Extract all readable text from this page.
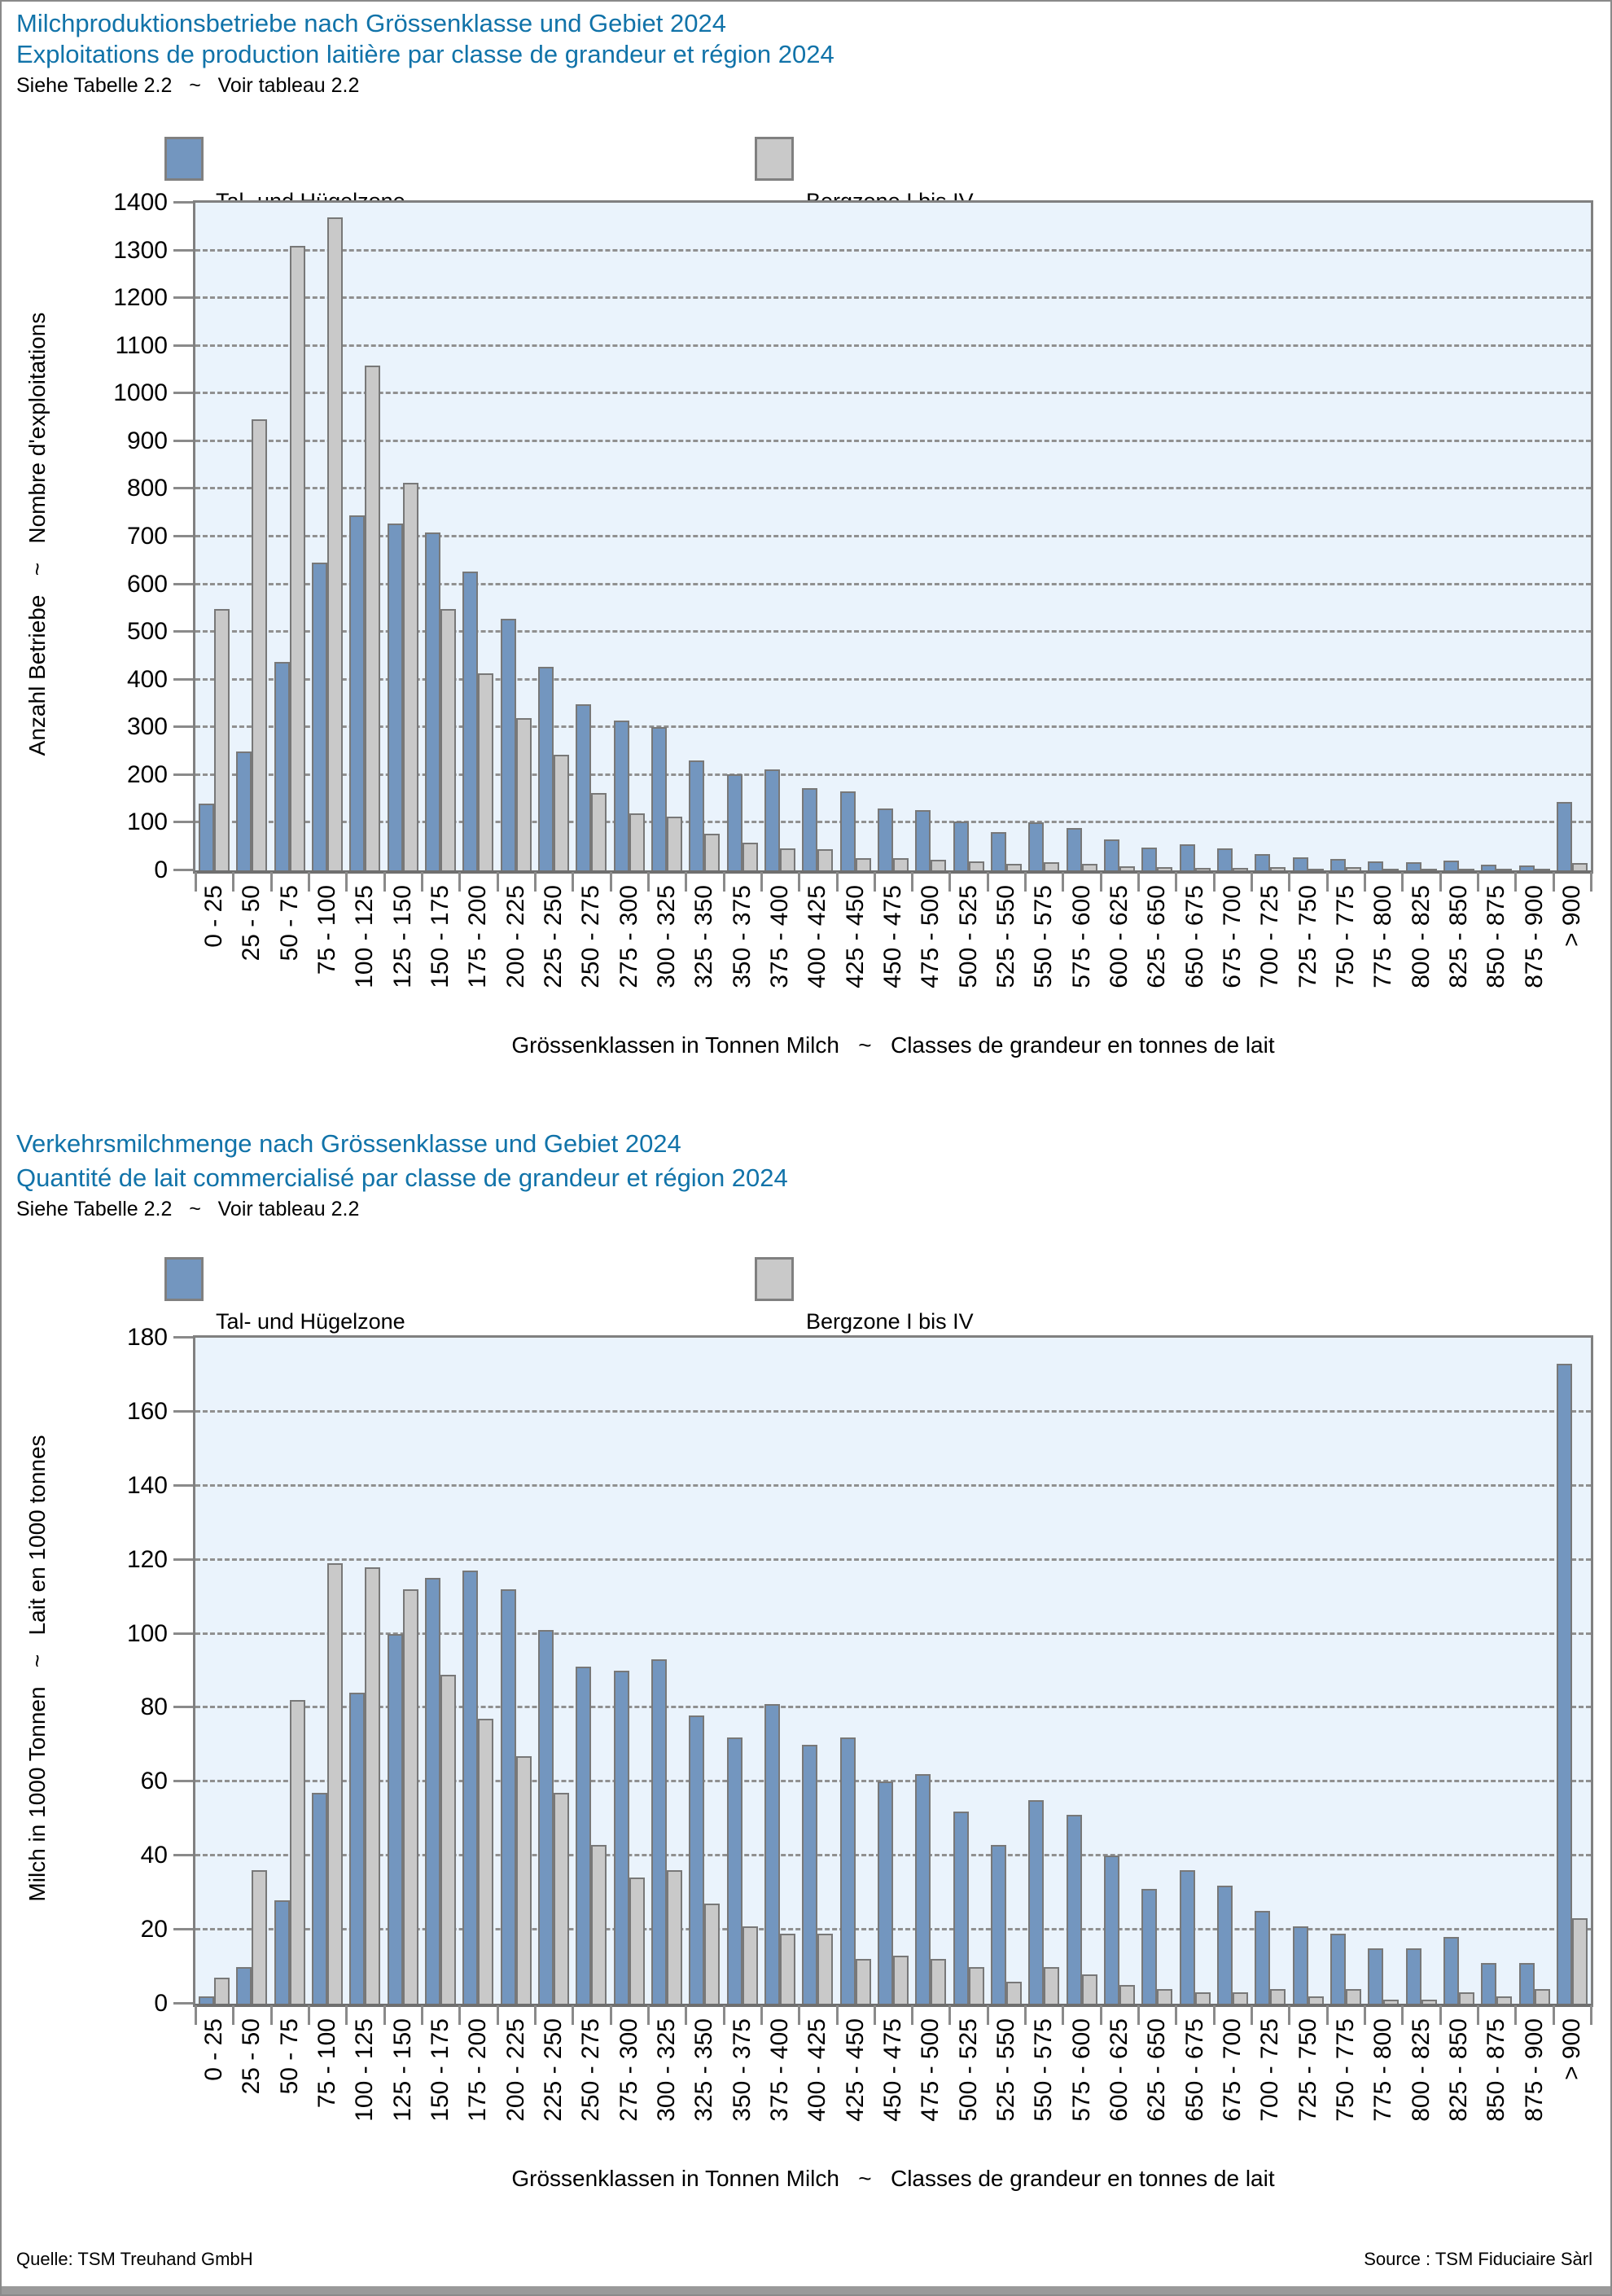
Milchproduktionsbetriebe nach Grössenklasse und Gebiet 2024
Exploitations de production laitière par classe de grandeur et région 2024
Siehe Tabelle 2.2   ~   Voir tableau 2.2

Anzahl Betriebe   ~   Nombre d'exploitations
0
100
200
300
400
500
600
700
800
900
1000
1100
1200
1300
1400
0 - 25 25 - 50 50 - 75 75 - 100 100 - 125 125 - 150 150 - 175 175 - 200 200 - 225 225 - 250 250 - 275 275 - 300 300 - 325 325 - 350 350 - 375 375 - 400 400 - 425 425 - 450 450 - 475 475 - 500 500 - 525 525 - 550 550 - 575 575 - 600 600 - 625 625 - 650 650 - 675 675 - 700 700 - 725 725 - 750 750 - 775 775 - 800 800 - 825 825 - 850 850 - 875 875 - 900 > 900
Grössenklassen in Tonnen Milch   ~   Classes de grandeur en tonnes de lait
Verkehrsmilchmenge nach Grössenklasse und Gebiet 2024
Quantité de lait commercialisé par classe de grandeur et région 2024
Siehe Tabelle 2.2   ~   Voir tableau 2.2

Tal- und Hügelzone

	Bergzone I bis IV

Milch in 1000 Tonnen   ~   Lait en 1000 tonnes
0
20
40
60
80
100
120
140
160
180
0 - 25 25 - 50 50 - 75 75 - 100 100 - 125 125 - 150 150 - 175 175 - 200 200 - 225 225 - 250 250 - 275 275 - 300 300 - 325 325 - 350 350 - 375 375 - 400 400 - 425 425 - 450 450 - 475 475 - 500 500 - 525 525 - 550 550 - 575 575 - 600 600 - 625 625 - 650 650 - 675 675 - 700 700 - 725 725 - 750 750 - 775 775 - 800 800 - 825 825 - 850 850 - 875 875 - 900 > 900
Grössenklassen in Tonnen Milch   ~   Classes de grandeur en tonnes de lait
Quelle: TSM Treuhand GmbH	Source : TSM Fiduciaire Sàrl
